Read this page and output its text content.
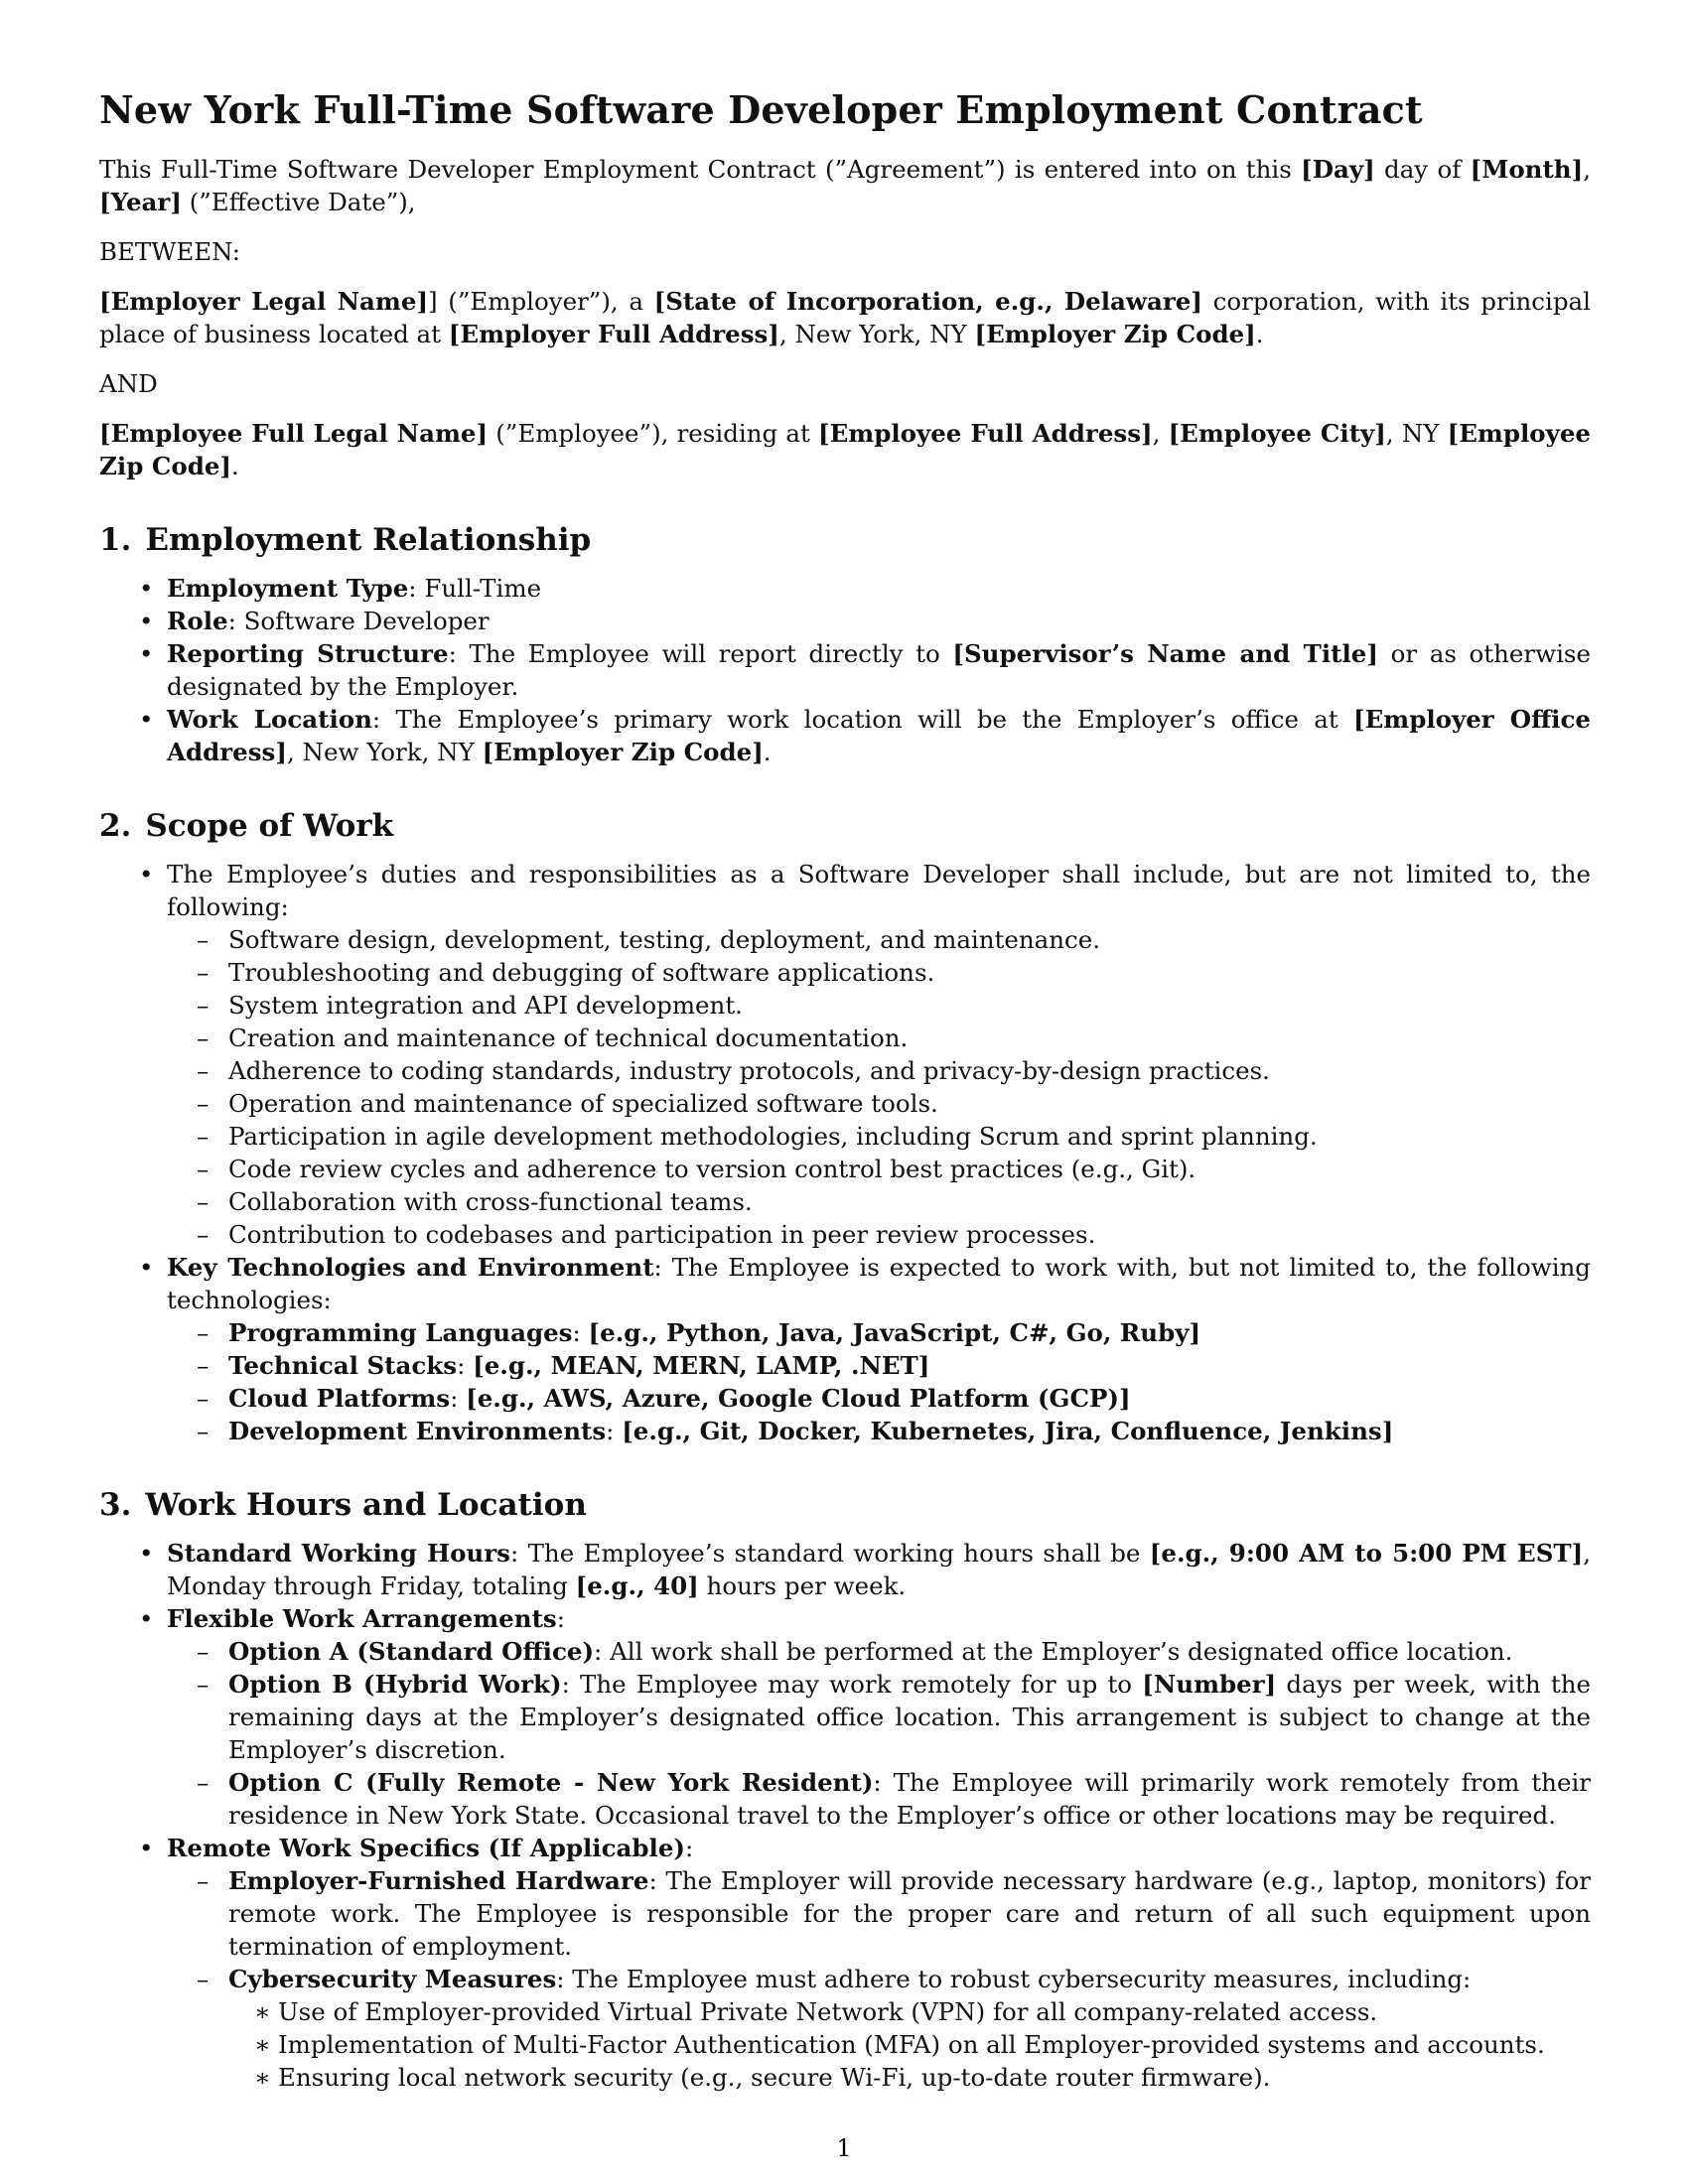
New York Full-Time Software Developer Employment Contract

This Full-Time Software Developer Employment Contract (”Agreement”) is entered into on this [Day] day of [Month], [Year] (”Effective Date”),

BETWEEN:

[Employer Legal Name]] (”Employer”), a [State of Incorporation, e.g., Delaware] corporation, with its principal place of business located at [Employer Full Address], New York, NY [Employer Zip Code].

AND

[Employee Full Legal Name] (”Employee”), residing at [Employee Full Address], [Employee City], NY [Employee Zip Code].

1. Employment Relationship
• Employment Type: Full-Time
• Role: Software Developer
• Reporting Structure: The Employee will report directly to [Supervisor’s Name and Title] or as otherwise designated by the Employer.
• Work Location: The Employee’s primary work location will be the Employer’s office at [Employer Office Address], New York, NY [Employer Zip Code].
2. Scope of Work
• The Employee’s duties and responsibilities as a Software Developer shall include, but are not limited to, the following:
– Software design, development, testing, deployment, and maintenance.
– Troubleshooting and debugging of software applications.
– System integration and API development.
– Creation and maintenance of technical documentation.
– Adherence to coding standards, industry protocols, and privacy-by-design practices.
– Operation and maintenance of specialized software tools.
– Participation in agile development methodologies, including Scrum and sprint planning.
– Code review cycles and adherence to version control best practices (e.g., Git).
– Collaboration with cross-functional teams.
– Contribution to codebases and participation in peer review processes.
• Key Technologies and Environment: The Employee is expected to work with, but not limited to, the following technologies:
– Programming Languages: [e.g., Python, Java, JavaScript, C#, Go, Ruby]
– Technical Stacks: [e.g., MEAN, MERN, LAMP, .NET]
– Cloud Platforms: [e.g., AWS, Azure, Google Cloud Platform (GCP)]
– Development Environments: [e.g., Git, Docker, Kubernetes, Jira, Confluence, Jenkins]
3. Work Hours and Location
• Standard Working Hours: The Employee’s standard working hours shall be [e.g., 9:00 AM to 5:00 PM EST], Monday through Friday, totaling [e.g., 40] hours per week.
• Flexible Work Arrangements:
– Option A (Standard Office): All work shall be performed at the Employer’s designated office location.
– Option B (Hybrid Work): The Employee may work remotely for up to [Number] days per week, with the remaining days at the Employer’s designated office location. This arrangement is subject to change at the Employer’s discretion.
– Option C (Fully Remote - New York Resident): The Employee will primarily work remotely from their residence in New York State. Occasional travel to the Employer’s office or other locations may be required.
• Remote Work Specifics (If Applicable):
– Employer-Furnished Hardware: The Employer will provide necessary hardware (e.g., laptop, monitors) for remote work. The Employee is responsible for the proper care and return of all such equipment upon termination of employment.
– Cybersecurity Measures: The Employee must adhere to robust cybersecurity measures, including:
∗ Use of Employer-provided Virtual Private Network (VPN) for all company-related access.
∗ Implementation of Multi-Factor Authentication (MFA) on all Employer-provided systems and accounts.
∗ Ensuring local network security (e.g., secure Wi-Fi, up-to-date router firmware).
1
